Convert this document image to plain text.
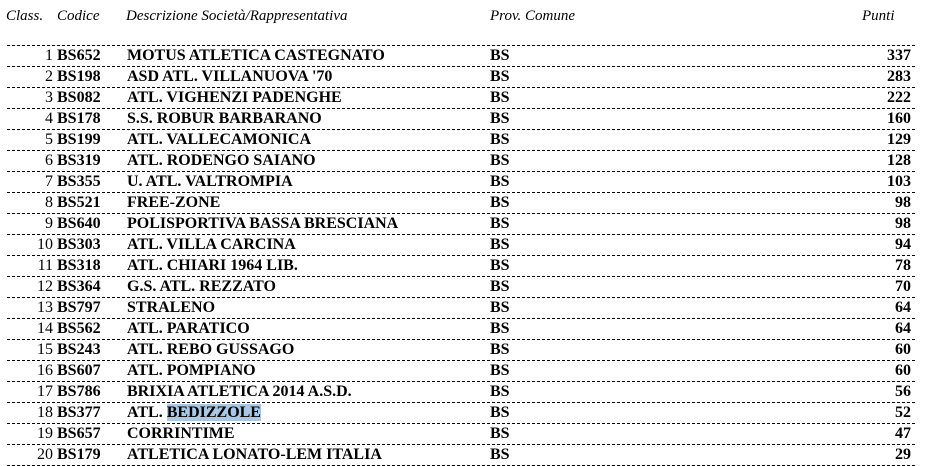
Class. Codice Descrizione Società/Rappresentativa	Prov. Comune	Punti
1 BS652 MOTUS ATLETICA CASTEGNATO	BS	337
2 BS198 ASD ATL. VILLANUOVA '70	BS	283
3 BS082 ATL. VIGHENZI PADENGHE	BS	222
4 BS178 S.S. ROBUR BARBARANO	BS	160
5 BS199 ATL. VALLECAMONICA	BS	129
6 BS319 ATL. RODENGO SAIANO	BS	128
7 BS355 U. ATL. VALTROMPIA	BS	103
8 BS521 FREE-ZONE	BS	98
9 BS640 POLISPORTIVA BASSA BRESCIANA	BS	98
10 BS303 ATL. VILLA CARCINA	BS	94
11 BS318 ATL. CHIARI 1964 LIB.	BS	78
12 BS364 G.S. ATL. REZZATO	BS	70
13 BS797 STRALENO	BS	64
14 BS562 ATL. PARATICO	BS	64
15 BS243 ATL. REBO GUSSAGO	BS	60
16 BS607 ATL. POMPIANO	BS	60
17 BS786 BRIXIA ATLETICA 2014 A.S.D.	BS	56
18 BS377 ATL. BEDIZZOLE	BS	52
19 BS657 CORRINTIME	BS	47
20 BS179 ATLETICA LONATO-LEM ITALIA	BS	29
